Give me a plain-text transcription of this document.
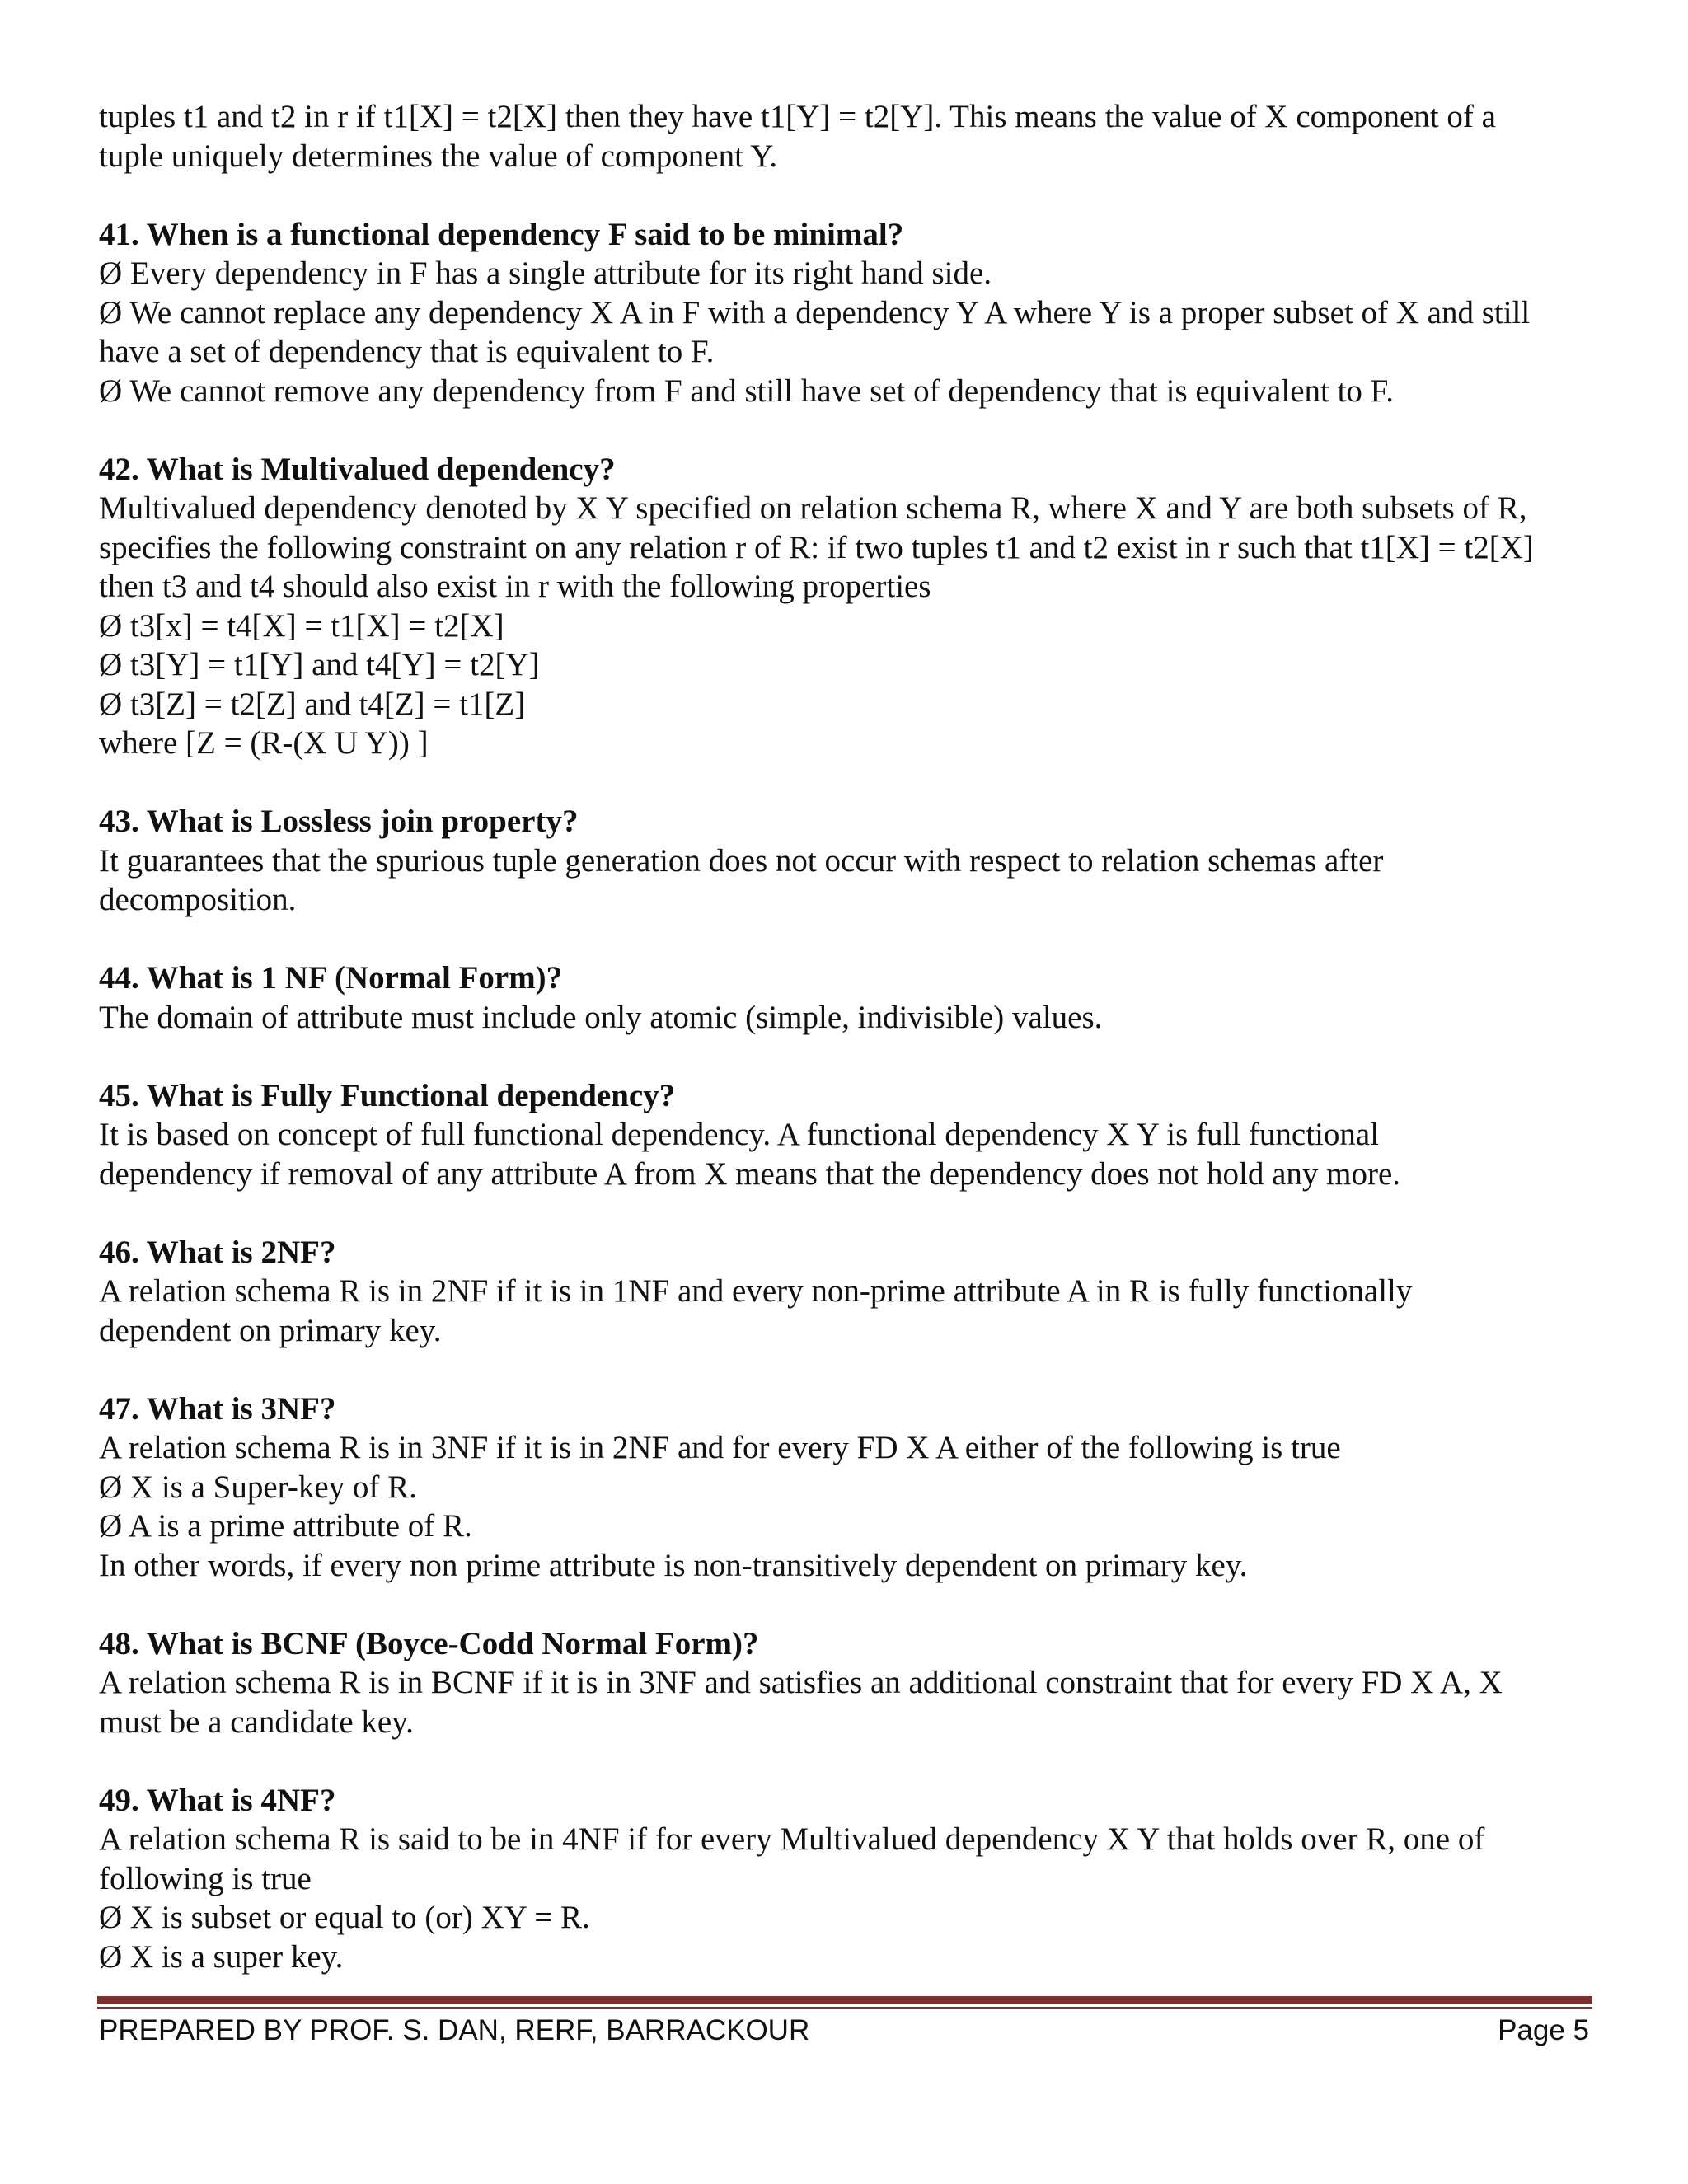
tuples t1 and t2 in r if t1[X] = t2[X] then they have t1[Y] = t2[Y]. This means the value of X component of a
tuple uniquely determines the value of component Y.
41. When is a functional dependency F said to be minimal?
Ø Every dependency in F has a single attribute for its right hand side.
Ø We cannot replace any dependency X A in F with a dependency Y A where Y is a proper subset of X and still
have a set of dependency that is equivalent to F.
Ø We cannot remove any dependency from F and still have set of dependency that is equivalent to F.
42. What is Multivalued dependency?
Multivalued dependency denoted by X Y specified on relation schema R, where X and Y are both subsets of R,
specifies the following constraint on any relation r of R: if two tuples t1 and t2 exist in r such that t1[X] = t2[X]
then t3 and t4 should also exist in r with the following properties
Ø t3[x] = t4[X] = t1[X] = t2[X]
Ø t3[Y] = t1[Y] and t4[Y] = t2[Y]
Ø t3[Z] = t2[Z] and t4[Z] = t1[Z]
where [Z = (R-(X U Y)) ]
43. What is Lossless join property?
It guarantees that the spurious tuple generation does not occur with respect to relation schemas after
decomposition.
44. What is 1 NF (Normal Form)?
The domain of attribute must include only atomic (simple, indivisible) values.
45. What is Fully Functional dependency?
It is based on concept of full functional dependency. A functional dependency X Y is full functional
dependency if removal of any attribute A from X means that the dependency does not hold any more.
46. What is 2NF?
A relation schema R is in 2NF if it is in 1NF and every non-prime attribute A in R is fully functionally
dependent on primary key.
47. What is 3NF?
A relation schema R is in 3NF if it is in 2NF and for every FD X A either of the following is true
Ø X is a Super-key of R.
Ø A is a prime attribute of R.
In other words, if every non prime attribute is non-transitively dependent on primary key.
48. What is BCNF (Boyce-Codd Normal Form)?
A relation schema R is in BCNF if it is in 3NF and satisfies an additional constraint that for every FD X A, X
must be a candidate key.
49. What is 4NF?
A relation schema R is said to be in 4NF if for every Multivalued dependency X Y that holds over R, one of
following is true
Ø X is subset or equal to (or) XY = R.
Ø X is a super key.
PREPARED BY PROF. S. DAN, RERF, BARRACKOUR	Page 5
